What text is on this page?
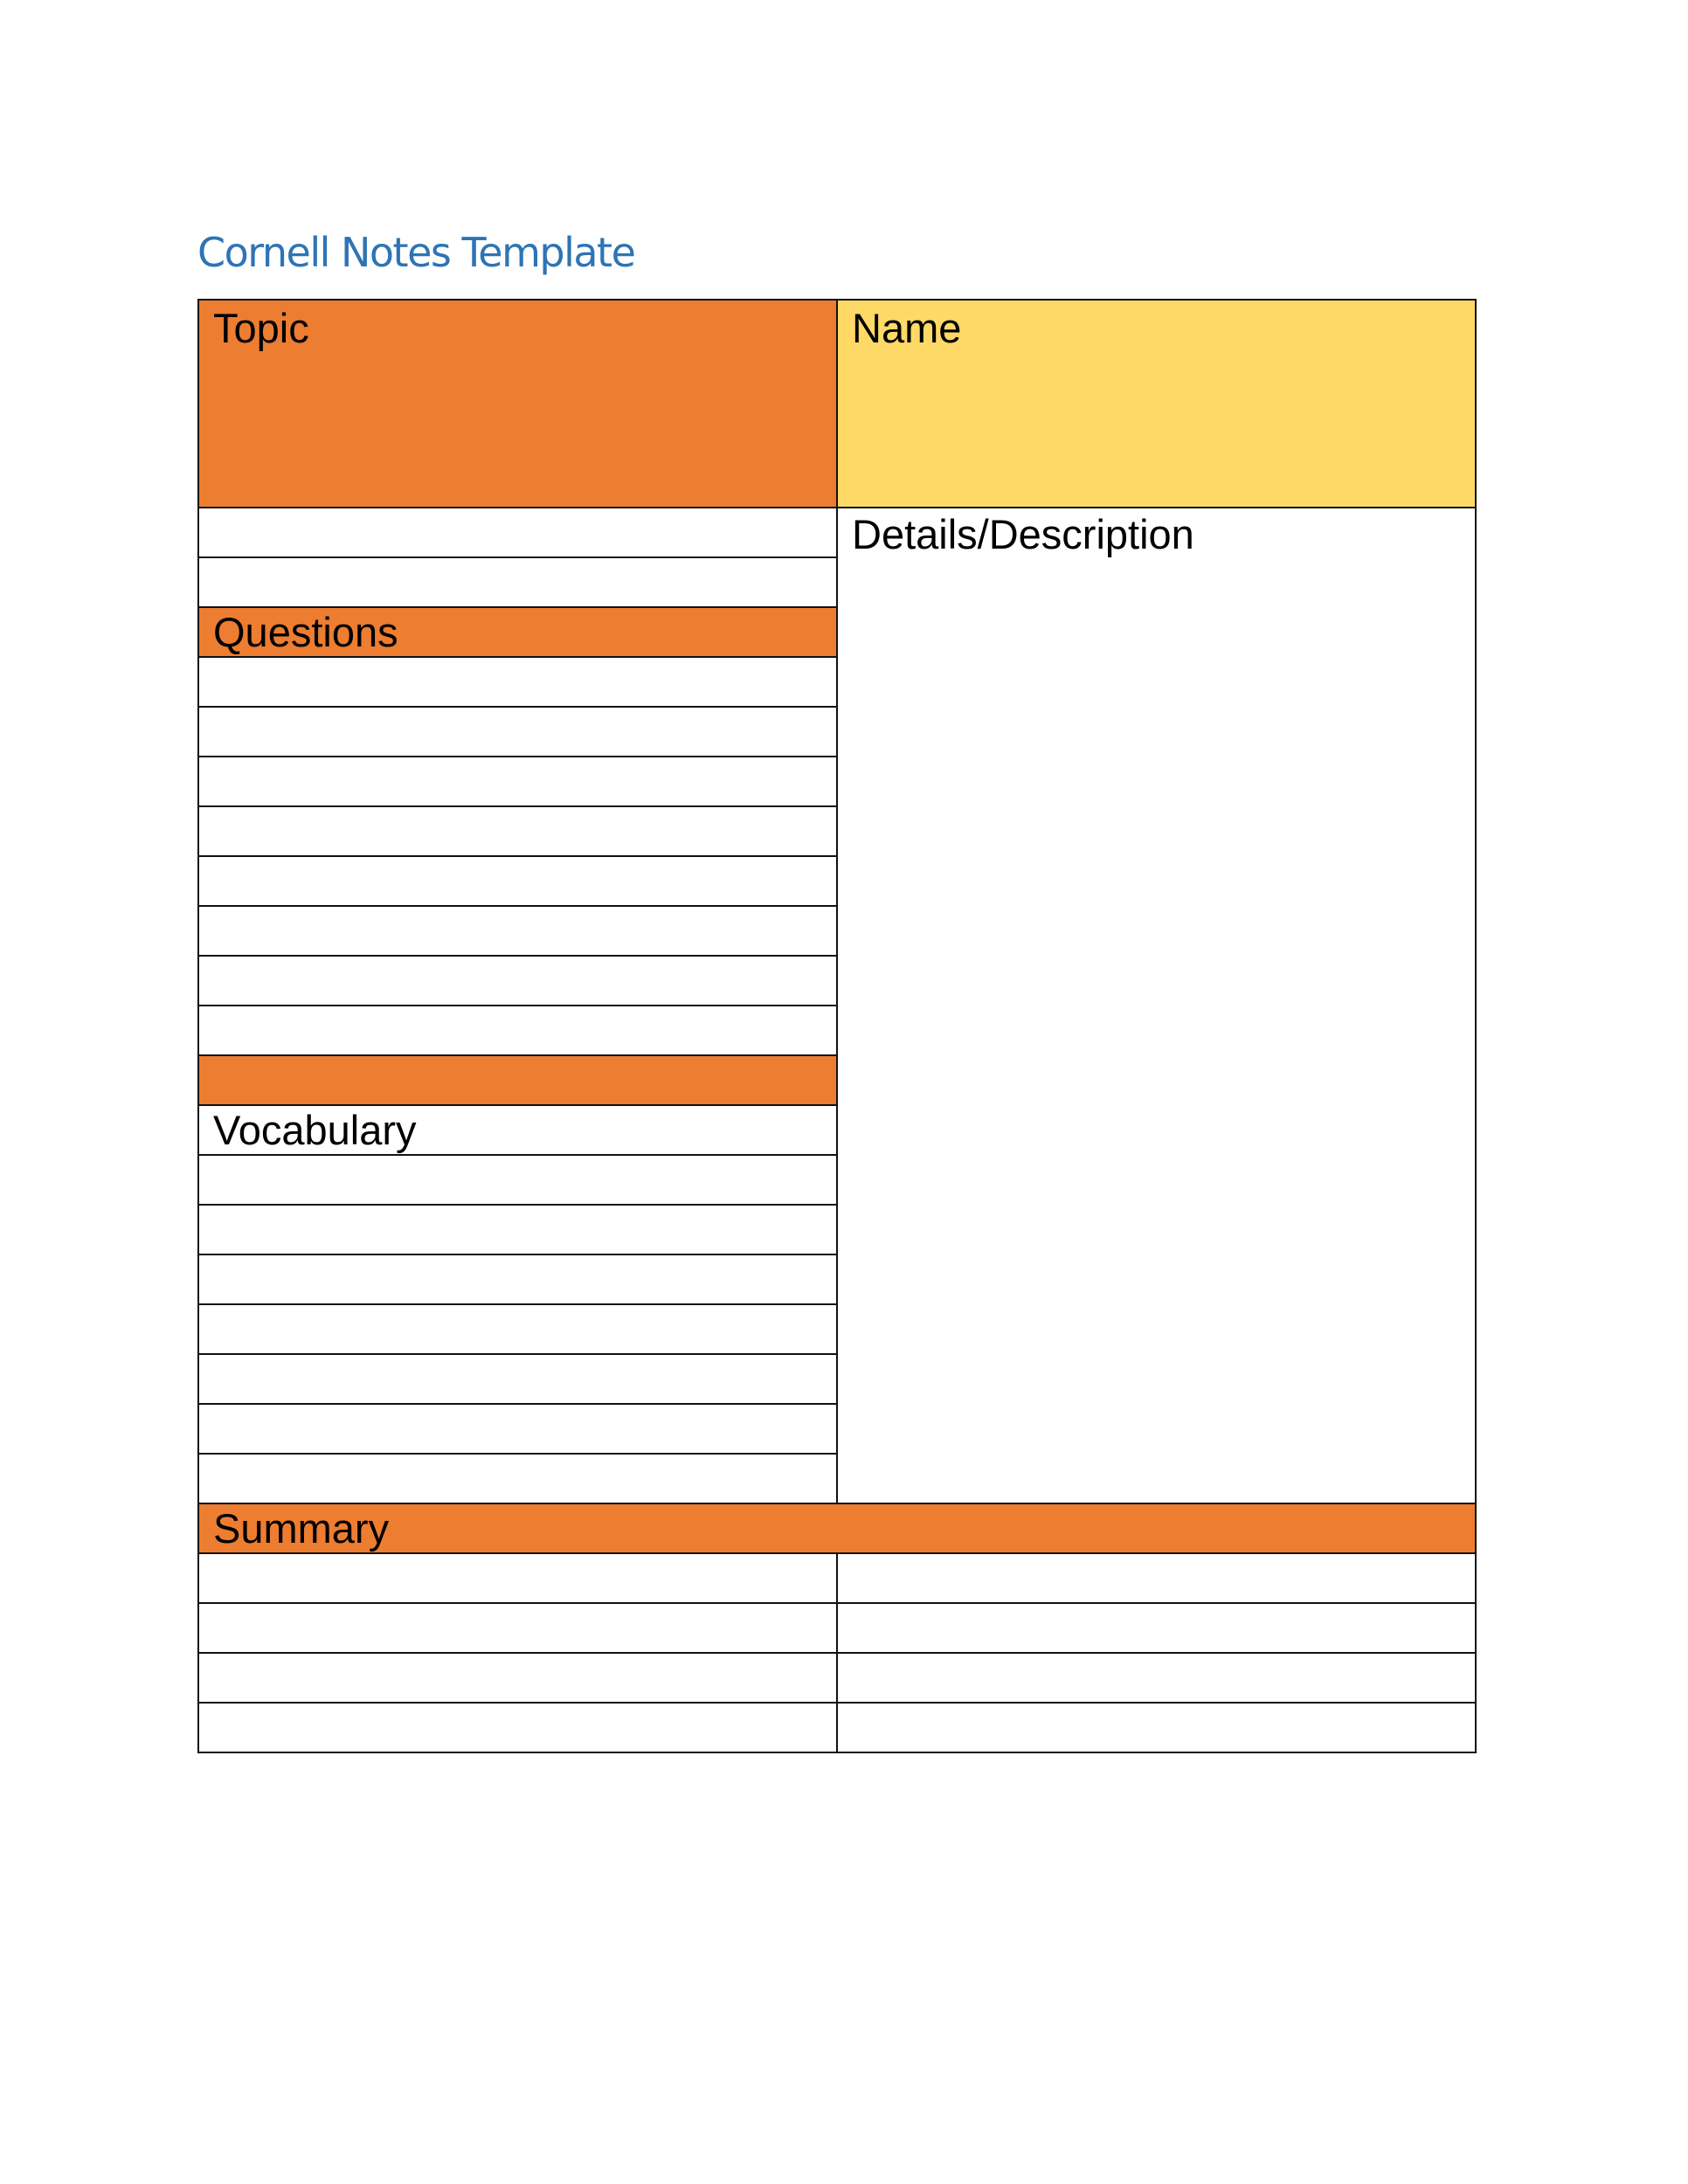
Cornell Notes Template
Topic	Name
	Details/Description

Questions	

Vocabulary	

Summary	
